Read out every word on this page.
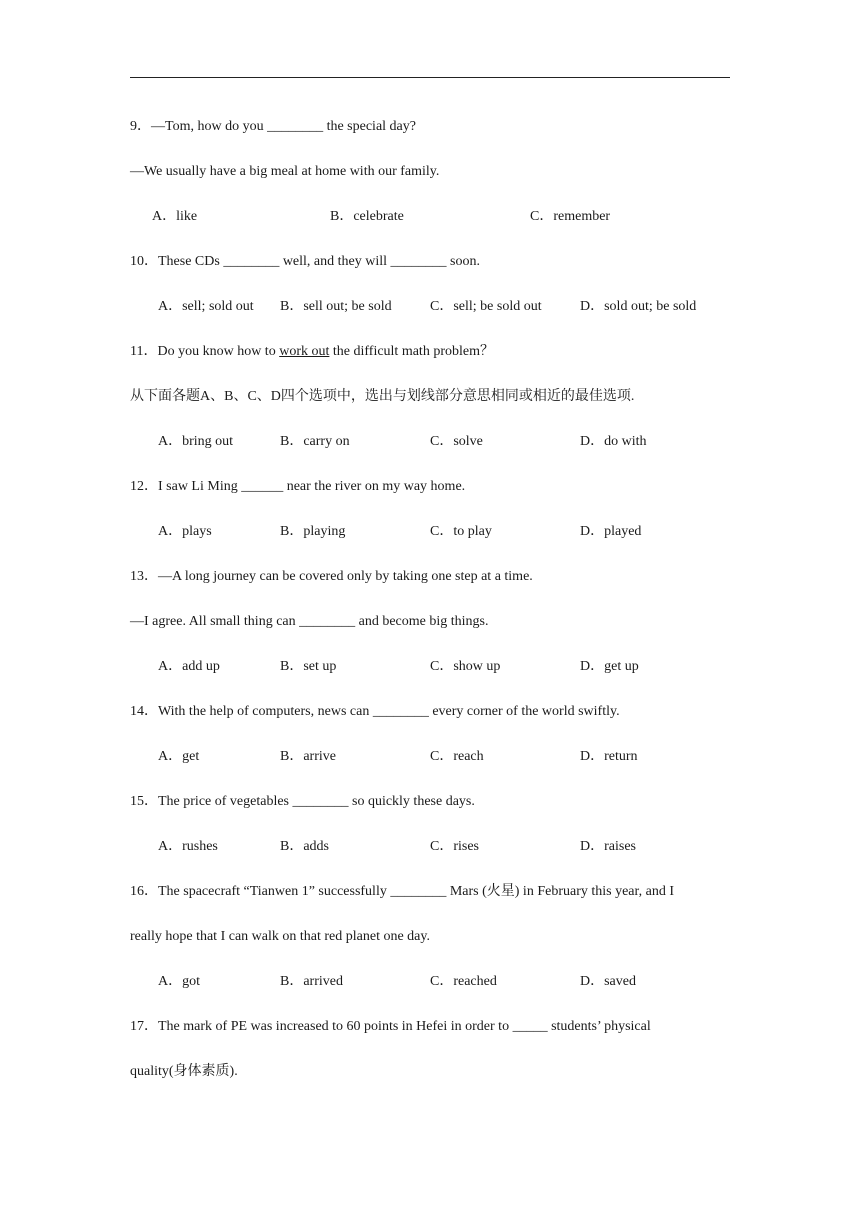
9．—Tom, how do you ________ the special day?
—We usually have a big meal at home with our family.
A．like	B．celebrate	C．remember
10．These CDs ________ well, and they will ________ soon.
A．sell; sold out B．sell out; be sold	C．sell; be sold out	D．sold out; be sold
11．Do you know how to work out the difficult math problem？
从下面各题A、B、C、D四个选项中，选出与划线部分意思相同或相近的最佳选项.
A．bring out	B．carry on	C．solve	D．do with
12．I saw Li Ming ______ near the river on my way home.
A．plays	B．playing	C．to play	D．played
13．—A long journey can be covered only by taking one step at a time.
—I agree. All small thing can ________ and become big things.
A．add up	B．set up	C．show up	D．get up
14．With the help of computers, news can ________ every corner of the world swiftly.
A．get	B．arrive	C．reach	D．return
15．The price of vegetables ________ so quickly these days.
A．rushes	B．adds	C．rises	D．raises
16．The spacecraft “Tianwen 1” successfully ________ Mars (火星) in February this year, and I
really hope that I can walk on that red planet one day.
A．got	B．arrived	C．reached	D．saved
17．The mark of PE was increased to 60 points in Hefei in order to _____ students’ physical
quality(身体素质).
